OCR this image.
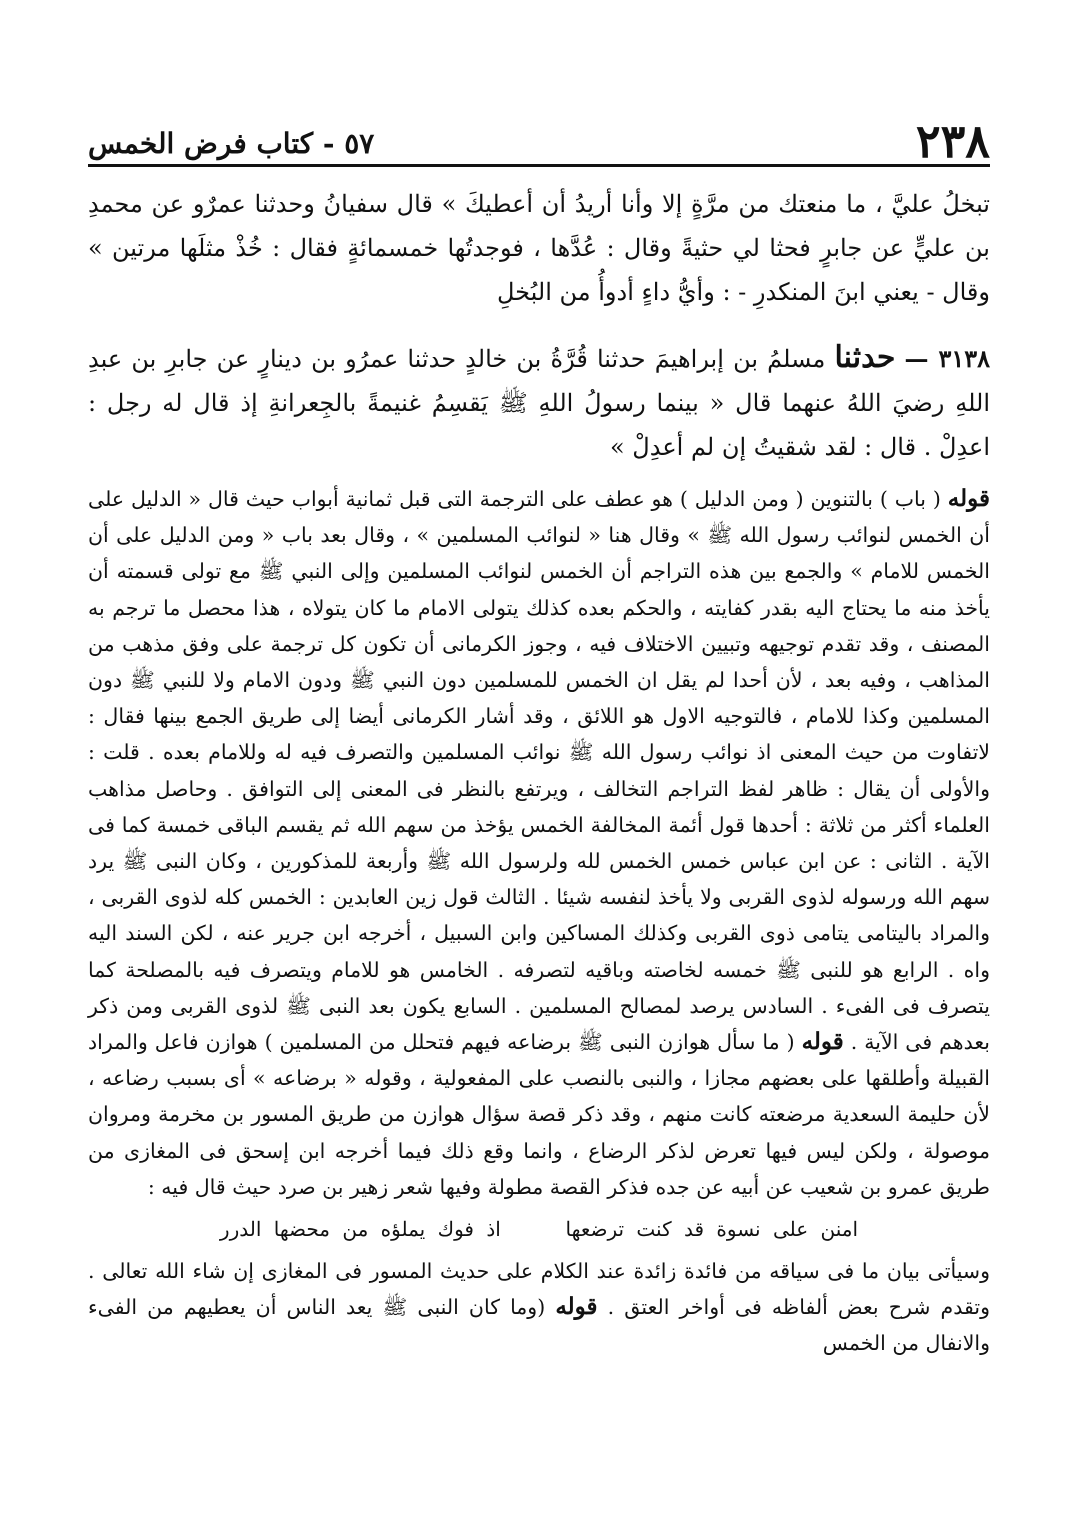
٢٣٨
٥٧ - كتاب فرض الخمس

تبخلُ عليَّ ، ما منعتك من مرَّةٍ إلا وأنا أريدُ أن أعطيكَ » قال سفيانُ وحدثنا عمرٌو عن محمدِ بن عليٍّ عن جابرٍ فحثا لي حثيةً وقال : عُدَّها ، فوجدتُها خمسمائةٍ فقال : خُذْ مثلَها مرتين » وقال - يعني ابنَ المنكدرِ - : وأيُّ داءٍ أدوأُ من البُخلِ

٣١٣٨ — حدثنا مسلمُ بن إبراهيمَ حدثنا قُرَّةُ بن خالدٍ حدثنا عمرُو بن دينارٍ عن جابرِ بن عبدِ اللهِ رضيَ اللهُ عنهما قال « بينما رسولُ اللهِ ﷺ يَقسِمُ غنيمةً بالجِعرانةِ إذ قال له رجل : اعدِلْ . قال : لقد شقيتُ إن لم أعدِلْ »

قوله ( باب ) بالتنوين ( ومن الدليل ) هو عطف على الترجمة التى قبل ثمانية أبواب حيث قال « الدليل على أن الخمس لنوائب رسول الله ﷺ » وقال هنا « لنوائب المسلمين » ، وقال بعد باب « ومن الدليل على أن الخمس للامام » والجمع بين هذه التراجم أن الخمس لنوائب المسلمين وإلى النبي ﷺ مع تولى قسمته أن يأخذ منه ما يحتاج اليه بقدر كفايته ، والحكم بعده كذلك يتولى الامام ما كان يتولاه ، هذا محصل ما ترجم به المصنف ، وقد تقدم توجيهه وتبيين الاختلاف فيه ، وجوز الكرمانى أن تكون كل ترجمة على وفق مذهب من المذاهب ، وفيه بعد ، لأن أحدا لم يقل ان الخمس للمسلمين دون النبي ﷺ ودون الامام ولا للنبي ﷺ دون المسلمين وكذا للامام ، فالتوجيه الاول هو اللائق ، وقد أشار الكرمانى أيضا إلى طريق الجمع بينها فقال : لاتفاوت من حيث المعنى اذ نوائب رسول الله ﷺ نوائب المسلمين والتصرف فيه له وللامام بعده . قلت : والأولى أن يقال : ظاهر لفظ التراجم التخالف ، ويرتفع بالنظر فى المعنى إلى التوافق . وحاصل مذاهب العلماء أكثر من ثلاثة : أحدها قول أئمة المخالفة الخمس يؤخذ من سهم الله ثم يقسم الباقى خمسة كما فى الآية . الثانى : عن ابن عباس خمس الخمس لله ولرسول الله ﷺ وأربعة للمذكورين ، وكان النبى ﷺ يرد سهم الله ورسوله لذوى القربى ولا يأخذ لنفسه شيئا . الثالث قول زين العابدين : الخمس كله لذوى القربى ، والمراد باليتامى يتامى ذوى القربى وكذلك المساكين وابن السبيل ، أخرجه ابن جرير عنه ، لكن السند اليه واه . الرابع هو للنبى ﷺ خمسه لخاصته وباقيه لتصرفه . الخامس هو للامام ويتصرف فيه بالمصلحة كما يتصرف فى الفىء . السادس يرصد لمصالح المسلمين . السابع يكون بعد النبى ﷺ لذوى القربى ومن ذكر بعدهم فى الآية . قوله ( ما سأل هوازن النبى ﷺ برضاعه فيهم فتحلل من المسلمين ) هوازن فاعل والمراد القبيلة وأطلقها على بعضهم مجازا ، والنبى بالنصب على المفعولية ، وقوله « برضاعه » أى بسبب رضاعه ، لأن حليمة السعدية مرضعته كانت منهم ، وقد ذكر قصة سؤال هوازن من طريق المسور بن مخرمة ومروان موصولة ، ولكن ليس فيها تعرض لذكر الرضاع ، وانما وقع ذلك فيما أخرجه ابن إسحق فى المغازى من طريق عمرو بن شعيب عن أبيه عن جده فذكر القصة مطولة وفيها شعر زهير بن صرد حيث قال فيه :

امنن على نسوة قد كنت ترضعها  اذ فوك يملؤه من محضها الدرر

وسيأتى بيان ما فى سياقه من فائدة زائدة عند الكلام على حديث المسور فى المغازى إن شاء الله تعالى . وتقدم شرح بعض ألفاظه فى أواخر العتق . قوله (وما كان النبى ﷺ يعد الناس أن يعطيهم من الفىء والانفال من الخمس
